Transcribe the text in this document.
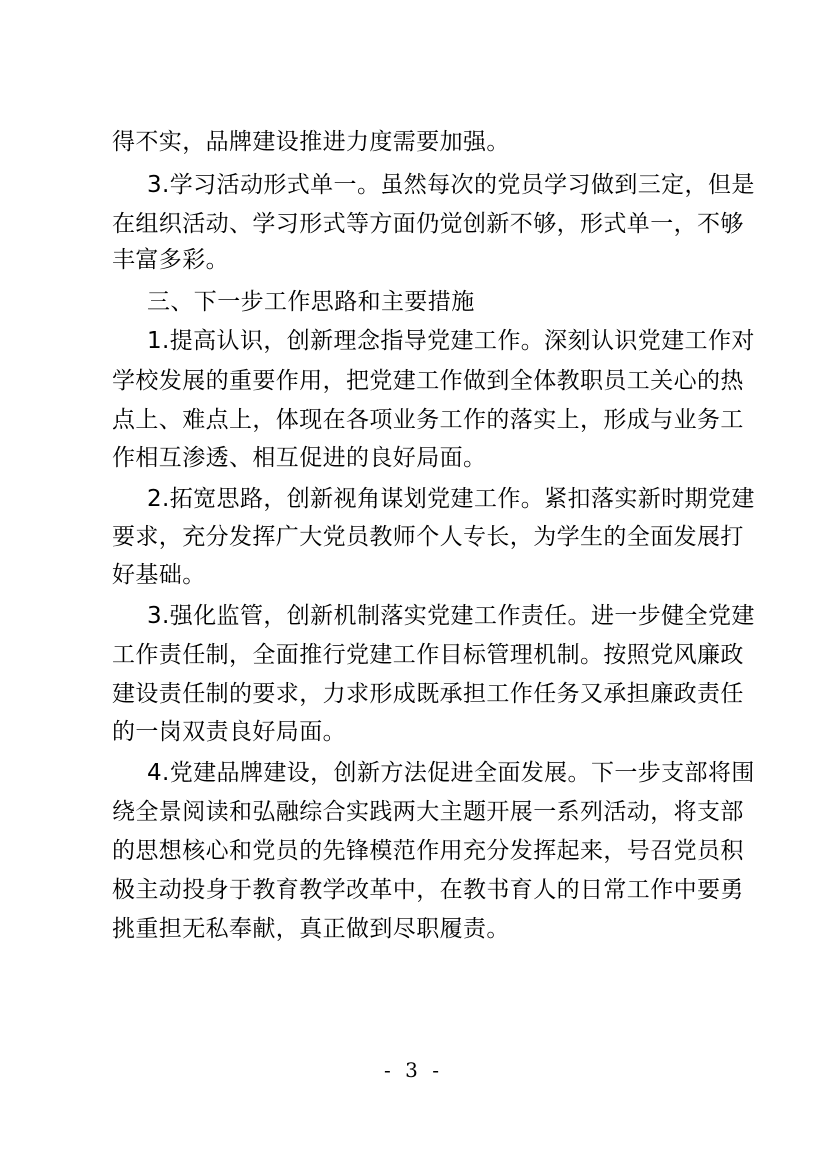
得不实，品牌建设推进力度需要加强。
3.学习活动形式单一。虽然每次的党员学习做到三定，但是
在组织活动、学习形式等方面仍觉创新不够，形式单一，不够
丰富多彩。
三、下一步工作思路和主要措施
1.提高认识，创新理念指导党建工作。深刻认识党建工作对
学校发展的重要作用，把党建工作做到全体教职员工关心的热
点上、难点上，体现在各项业务工作的落实上，形成与业务工
作相互渗透、相互促进的良好局面。
2.拓宽思路，创新视角谋划党建工作。紧扣落实新时期党建
要求，充分发挥广大党员教师个人专长，为学生的全面发展打
好基础。
3.强化监管，创新机制落实党建工作责任。进一步健全党建
工作责任制，全面推行党建工作目标管理机制。按照党风廉政
建设责任制的要求，力求形成既承担工作任务又承担廉政责任
的一岗双责良好局面。
4.党建品牌建设，创新方法促进全面发展。下一步支部将围
绕全景阅读和弘融综合实践两大主题开展一系列活动，将支部
的思想核心和党员的先锋模范作用充分发挥起来，号召党员积
极主动投身于教育教学改革中，在教书育人的日常工作中要勇
挑重担无私奉献，真正做到尽职履责。
- 3 -
